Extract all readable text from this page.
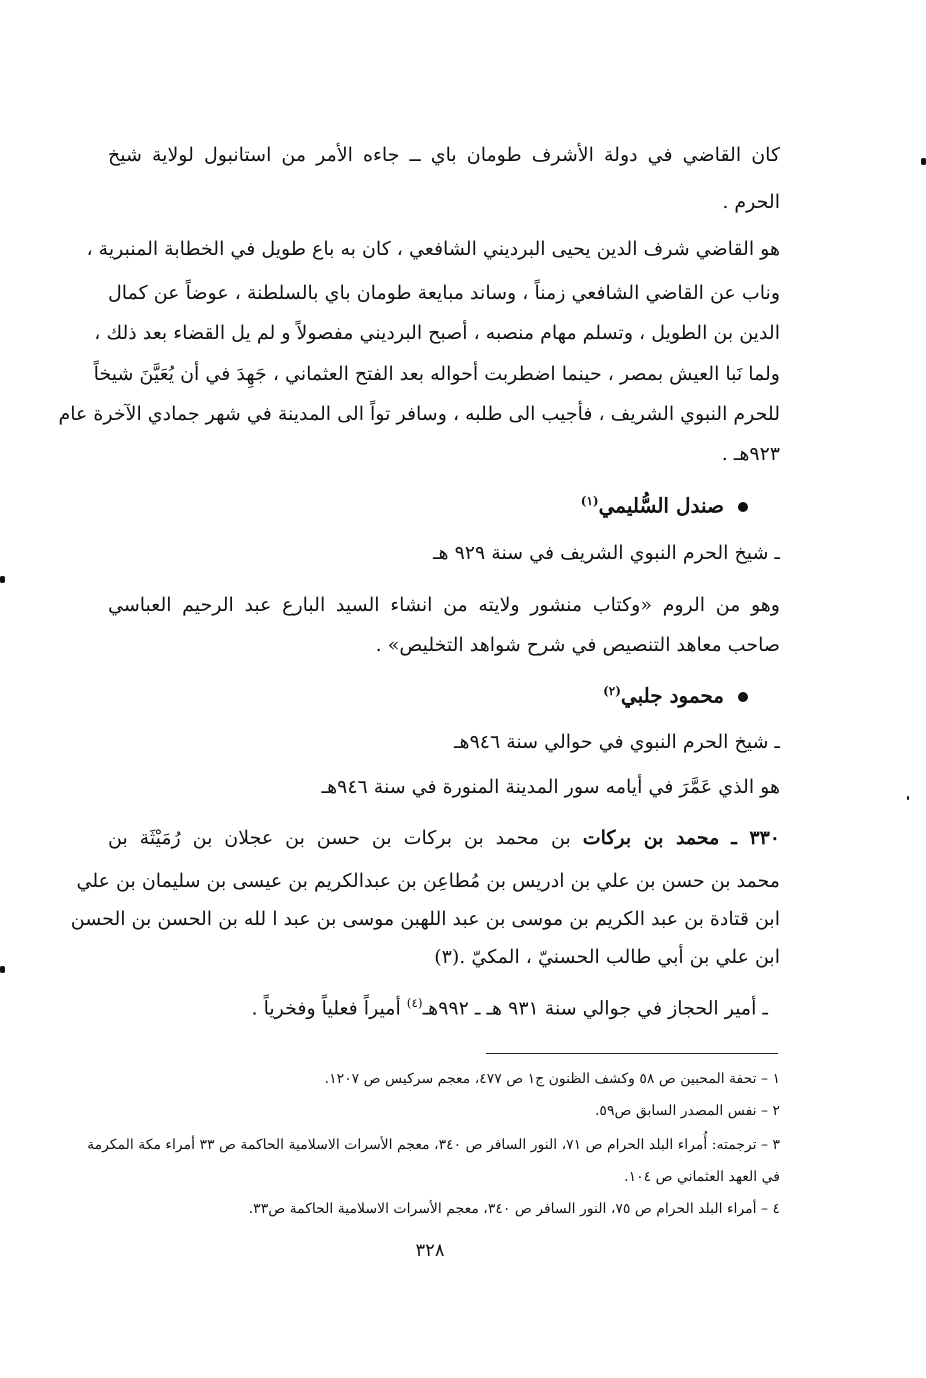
كان القاضي في دولة الأشرف طومان باي ــ جاءه الأمر من استانبول لولاية شيخ
الحرم .
هو القاضي شرف الدين يحيى البرديني الشافعي ، كان به باع طويل في الخطابة المنبرية ،
وناب عن القاضي الشافعي زمناً ، وساند مبايعة طومان باي بالسلطنة ، عوضاً عن كمال
الدين بن الطويل ، وتسلم مهام منصبه ، أصبح البرديني مفصولاً و لم يل القضاء بعد ذلك ،
ولما نَبا العيش بمصر ، حينما اضطربت أحواله بعد الفتح العثماني ، جَهِدَ في أن يُعَيَّنَ شيخاً
للحرم النبوي الشريف ، فأجيب الى طلبه ، وسافر تواً الى المدينة في شهر جمادي الآخرة عام
٩٢٣هـ .
صندل السُّليمي$^{(١)}$
ـ شيخ الحرم النبوي الشريف في سنة ٩٢٩ هـ
وهو من الروم «وكتاب منشور ولايته من انشاء السيد البارع عبد الرحيم العباسي
صاحب معاهد التنصيص في شرح شواهد التخليص» .
محمود جلبي$^{(٢)}$
ـ شيخ الحرم النبوي في حوالي سنة ٩٤٦هـ
هو الذي عَمَّرَ في أيامه سور المدينة المنورة في سنة ٩٤٦هـ
٣٣٠ ـ محمد بن بركات بن محمد بن بركات بن حسن بن عجلان بن رُمَيْثَة بن
محمد بن حسن بن علي بن ادريس بن مُطاعِن بن عبدالكريم بن عيسى بن سليمان بن علي
ابن قتادة بن عبد الكريم بن موسى بن عبد اللهبن موسى بن عبد ا لله بن الحسن بن الحسن
ابن علي بن أبي طالب الحسنيّ ، المكيّ .(٣)
ـ أمير الحجاز في جوالي سنة ٩٣١ هـ ـ ٩٩٢هـ$^{(٤)}$ أميراً فعلياً وفخرياً .
١ – تحفة المحبين ص ٥٨ وكشف الظنون ج١ ص ٤٧٧، معجم سركيس ص ١٢٠٧.
٢ – نفس المصدر السابق ص٥٩.
٣ – ترجمته: أُمراء البلد الحرام ص ٧١، النور السافر ص ٣٤٠، معجم الأسرات الاسلامية الحاكمة ص ٣٣ أمراء مكة المكرمة
في العهد العثماني ص ١٠٤.
٤ – أمراء البلد الحرام ص ٧٥، النور السافر ص ٣٤٠، معجم الأسرات الاسلامية الحاكمة ص٣٣.
٣٢٨
